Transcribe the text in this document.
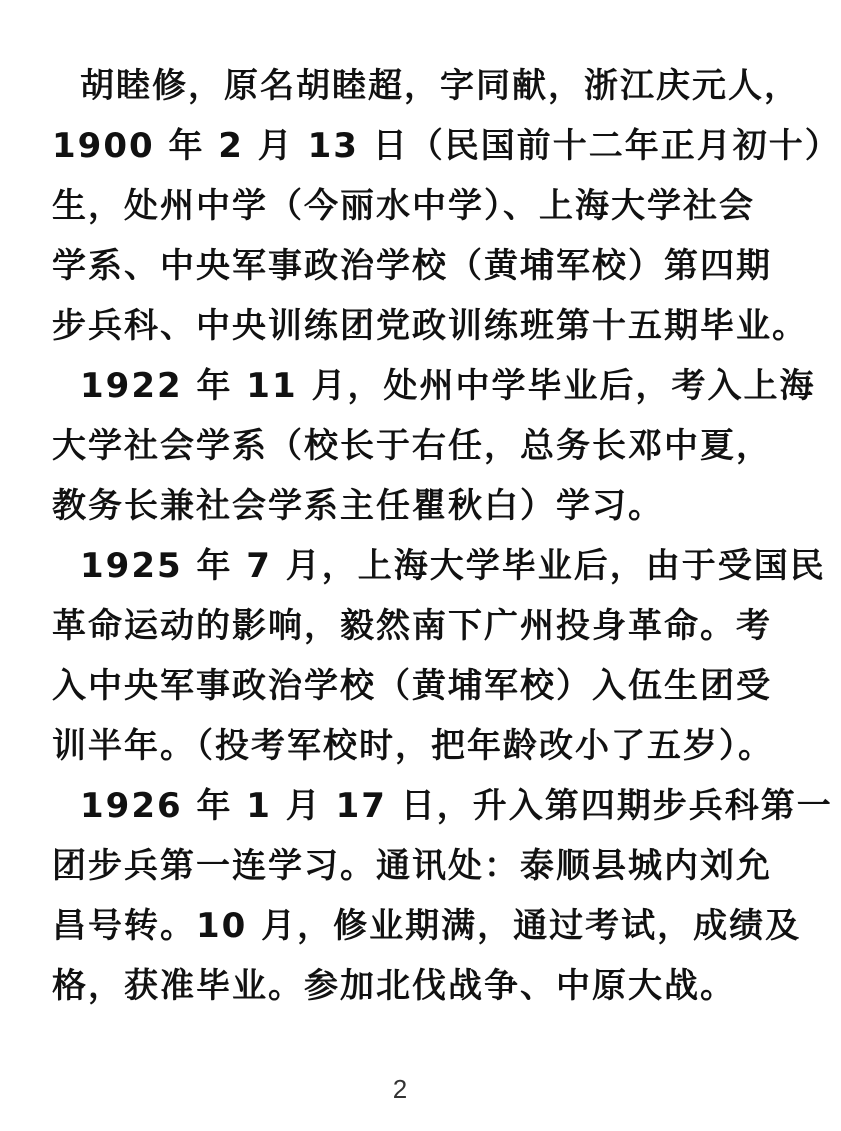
胡睦修，原名胡睦超，字同献，浙江庆元人，
1900 年 2 月 13 日（民国前十二年正月初十）
生，处州中学（今丽水中学）、上海大学社会
学系、中央军事政治学校（黄埔军校）第四期
步兵科、中央训练团党政训练班第十五期毕业。
1922 年 11 月，处州中学毕业后，考入上海
大学社会学系（校长于右任，总务长邓中夏，
教务长兼社会学系主任瞿秋白）学习。
1925 年 7 月，上海大学毕业后，由于受国民
革命运动的影响，毅然南下广州投身革命。考
入中央军事政治学校（黄埔军校）入伍生团受
训半年。（投考军校时，把年龄改小了五岁）。
1926 年 1 月 17 日，升入第四期步兵科第一
团步兵第一连学习。通讯处：泰顺县城内刘允
昌号转。10 月，修业期满，通过考试，成绩及
格，获准毕业。参加北伐战争、中原大战。
2
